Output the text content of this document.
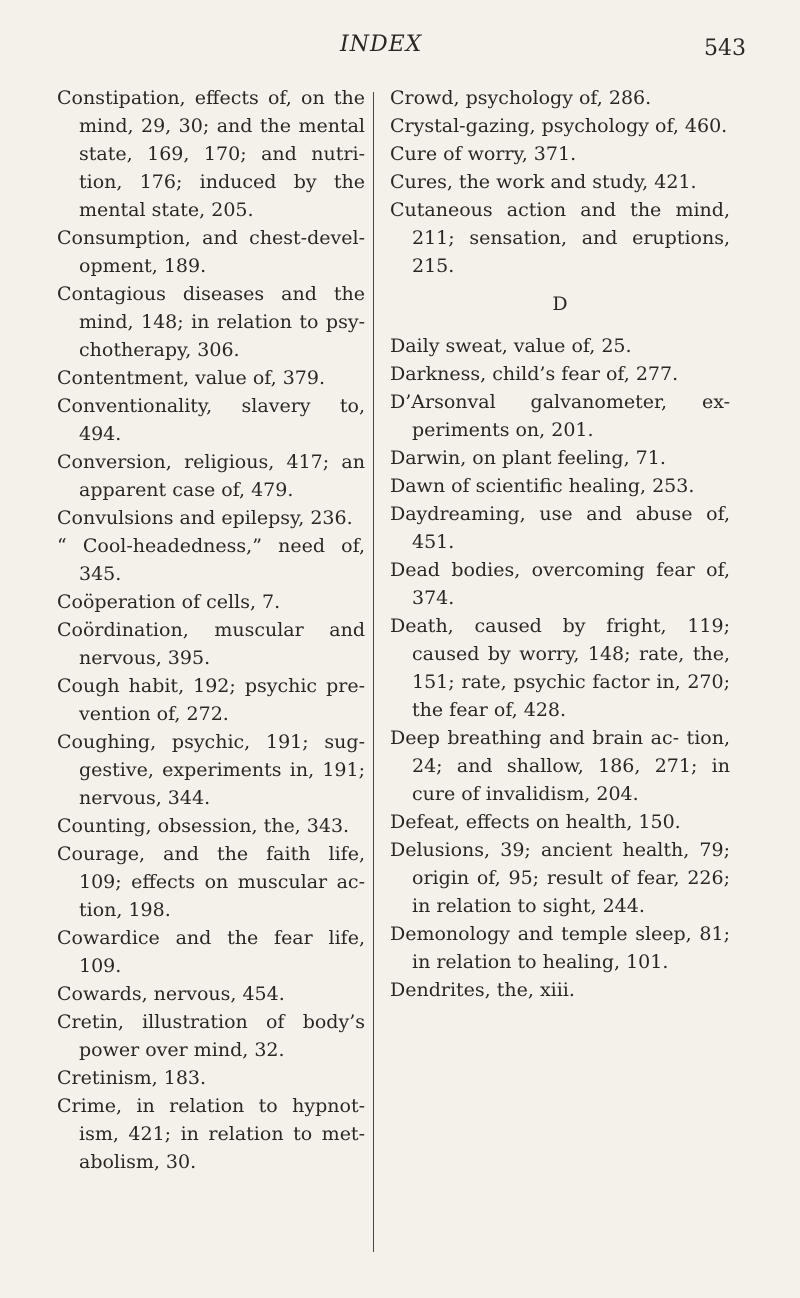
INDEX	543
Constipation, effects of, on the mind, 29, 30; and the mental state, 169, 170; and nutri- tion, 176; induced by the mental state, 205.
Consumption, and chest-devel- opment, 189.
Contagious diseases and the mind, 148; in relation to psy- chotherapy, 306.
Contentment, value of, 379.
Conventionality, slavery to, 494.
Conversion, religious, 417; an apparent case of, 479.
Convulsions and epilepsy, 236.
“ Cool-headedness,” need of, 345.
Coöperation of cells, 7.
Coördination, muscular and nervous, 395.
Cough habit, 192; psychic pre- vention of, 272.
Coughing, psychic, 191; sug- gestive, experiments in, 191; nervous, 344.
Counting, obsession, the, 343.
Courage, and the faith life, 109; effects on muscular ac- tion, 198.
Cowardice and the fear life, 109.
Cowards, nervous, 454.
Cretin, illustration of body’s power over mind, 32.
Cretinism, 183.
Crime, in relation to hypnot- ism, 421; in relation to met- abolism, 30.
Crowd, psychology of, 286.
Crystal-gazing, psychology of, 460.
Cure of worry, 371.
Cures, the work and study, 421.
Cutaneous action and the mind, 211; sensation, and eruptions, 215.
D
Daily sweat, value of, 25.
Darkness, child’s fear of, 277.
D’Arsonval galvanometer, ex- periments on, 201.
Darwin, on plant feeling, 71.
Dawn of scientific healing, 253.
Daydreaming, use and abuse of, 451.
Dead bodies, overcoming fear of, 374.
Death, caused by fright, 119; caused by worry, 148; rate, the, 151; rate, psychic factor in, 270; the fear of, 428.
Deep breathing and brain ac- tion, 24; and shallow, 186, 271; in cure of invalidism, 204.
Defeat, effects on health, 150.
Delusions, 39; ancient health, 79; origin of, 95; result of fear, 226; in relation to sight, 244.
Demonology and temple sleep, 81; in relation to healing, 101.
Dendrites, the, xiii.
